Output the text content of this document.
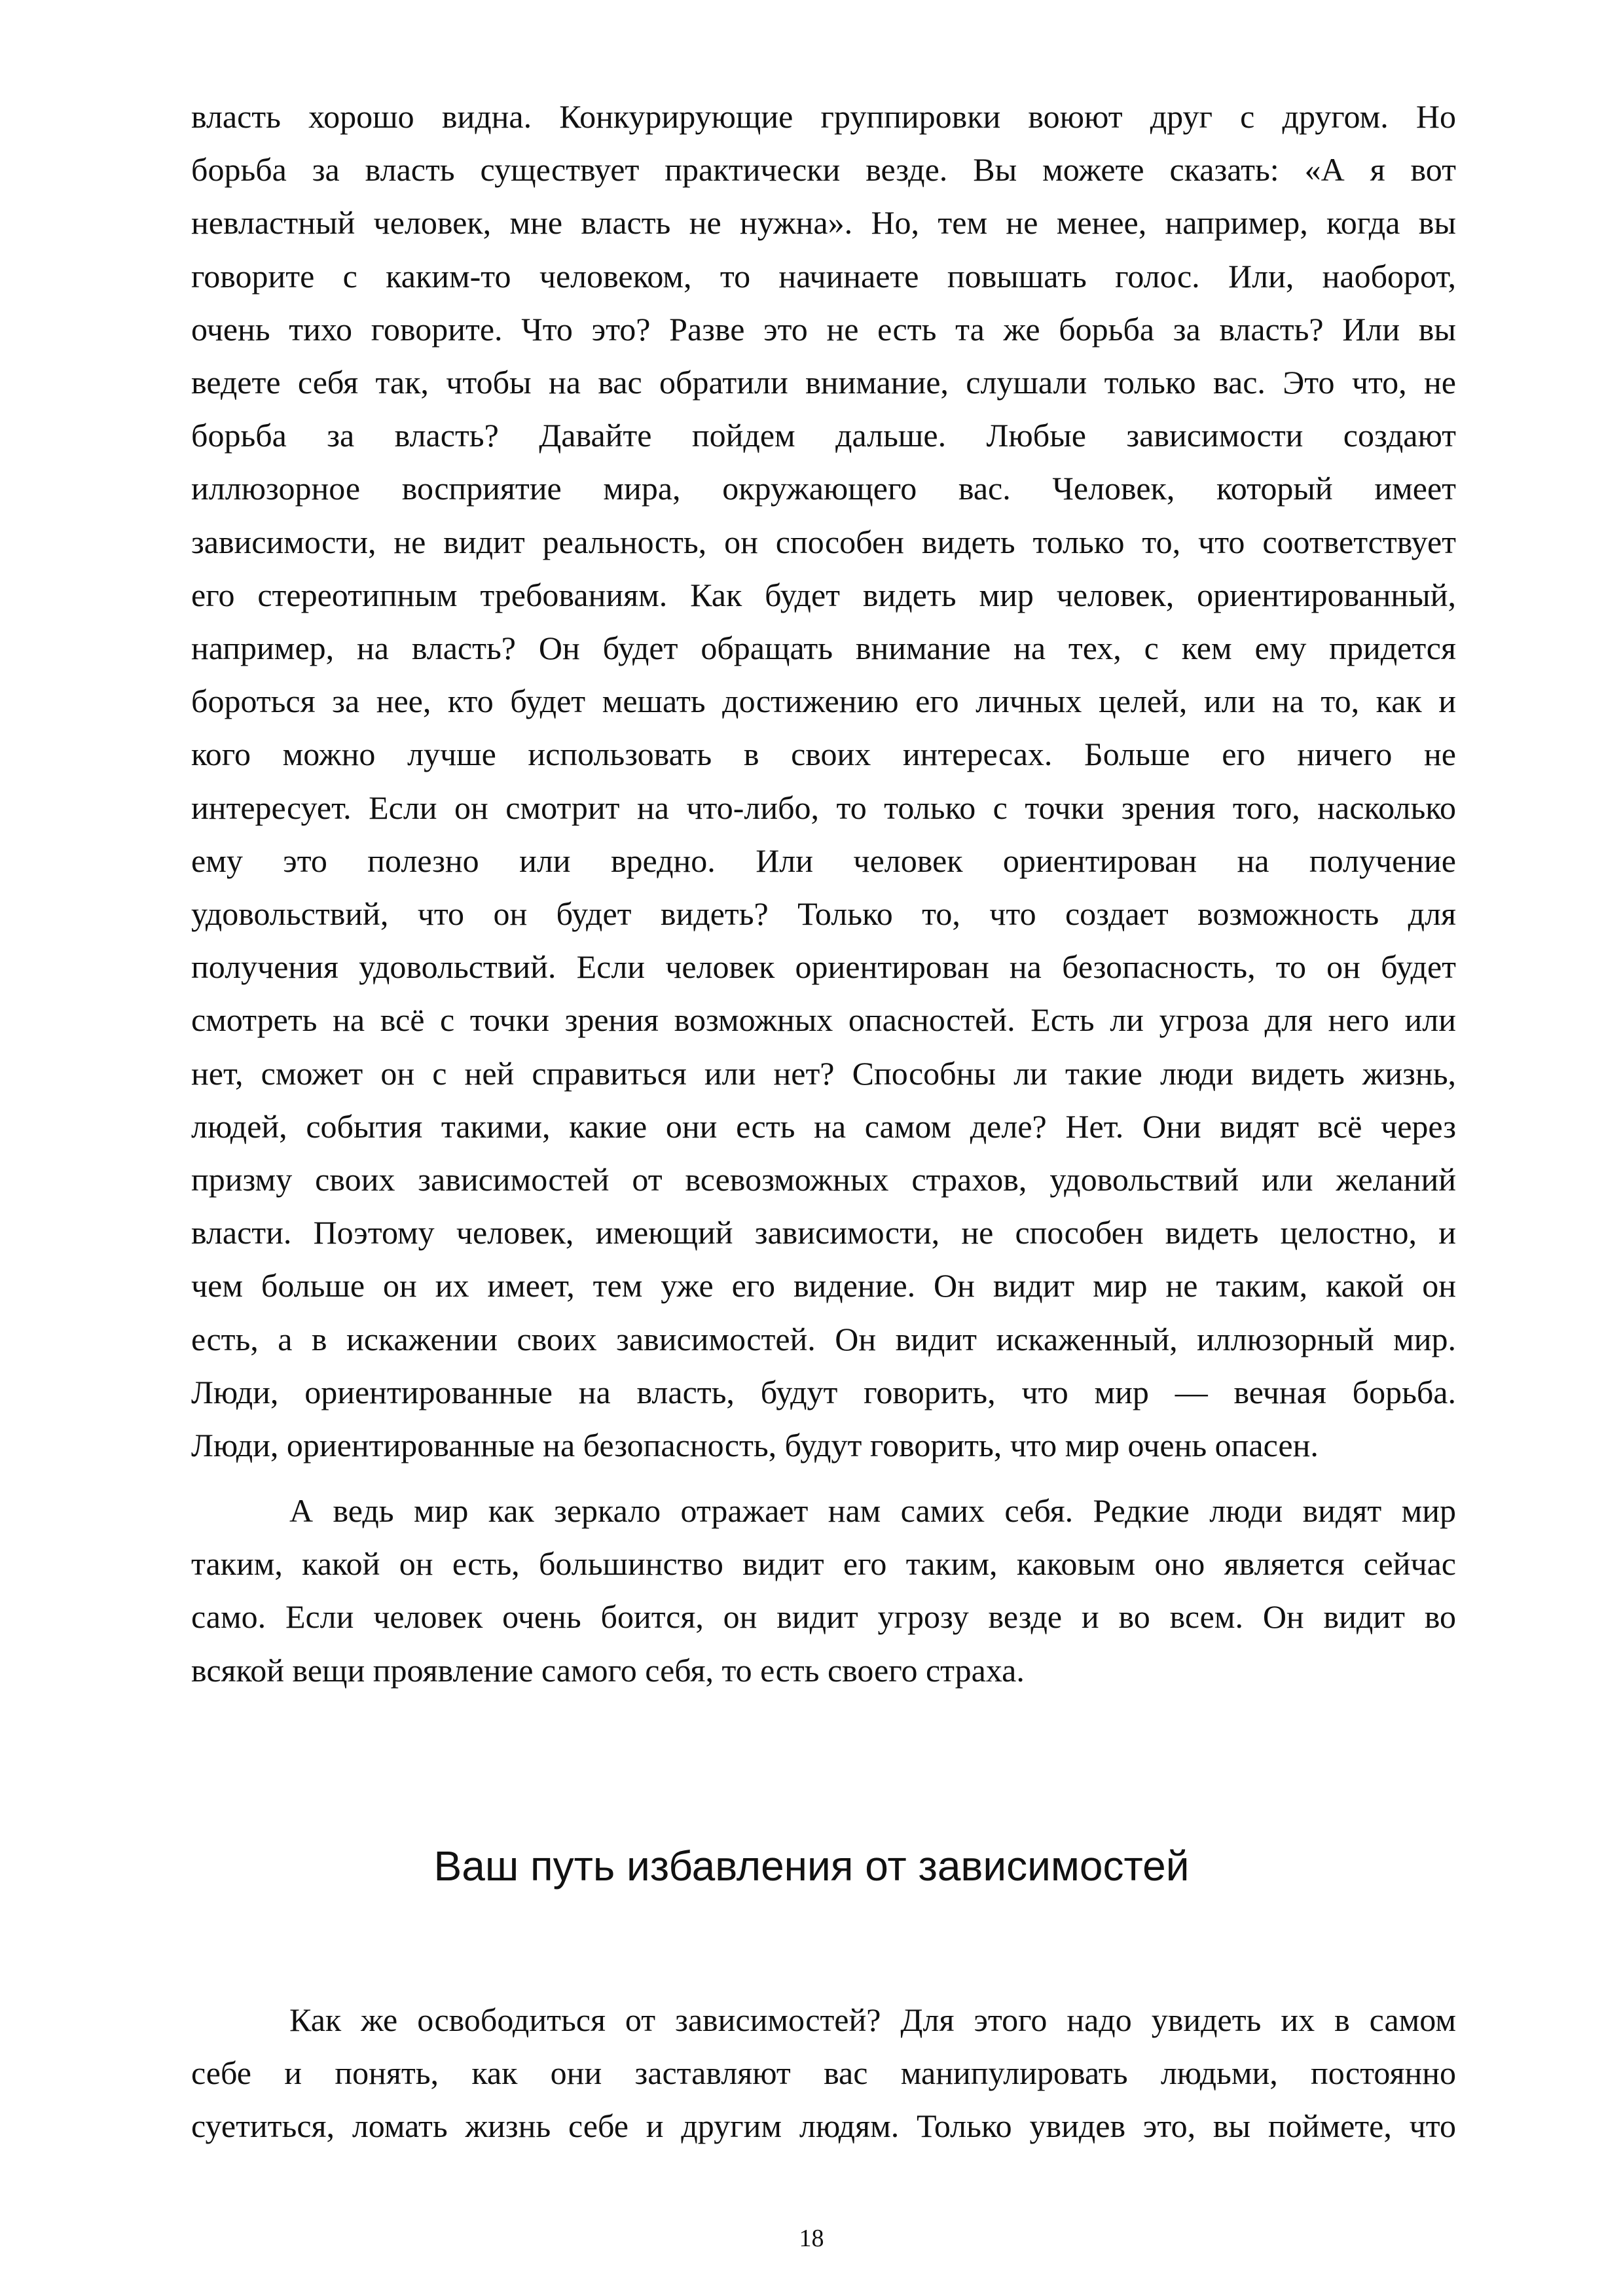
власть хорошо видна. Конкурирующие группировки воюют друг с другом. Но
борьба за власть существует практически везде. Вы можете сказать: «А я вот
невластный человек, мне власть не нужна». Но, тем не менее, например, когда вы
говорите с каким-то человеком, то начинаете повышать голос. Или, наоборот,
очень тихо говорите. Что это? Разве это не есть та же борьба за власть? Или вы
ведете себя так, чтобы на вас обратили внимание, слушали только вас. Это что, не
борьба за власть? Давайте пойдем дальше. Любые зависимости создают
иллюзорное восприятие мира, окружающего вас. Человек, который имеет
зависимости, не видит реальность, он способен видеть только то, что соответствует
его стереотипным требованиям. Как будет видеть мир человек, ориентированный,
например, на власть? Он будет обращать внимание на тех, с кем ему придется
бороться за нее, кто будет мешать достижению его личных целей, или на то, как и
кого можно лучше использовать в своих интересах. Больше его ничего не
интересует. Если он смотрит на что-либо, то только с точки зрения того, насколько
ему это полезно или вредно. Или человек ориентирован на получение
удовольствий, что он будет видеть? Только то, что создает возможность для
получения удовольствий. Если человек ориентирован на безопасность, то он будет
смотреть на всё с точки зрения возможных опасностей. Есть ли угроза для него или
нет, сможет он с ней справиться или нет? Способны ли такие люди видеть жизнь,
людей, события такими, какие они есть на самом деле? Нет. Они видят всё через
призму своих зависимостей от всевозможных страхов, удовольствий или желаний
власти. Поэтому человек, имеющий зависимости, не способен видеть целостно, и
чем больше он их имеет, тем уже его видение. Он видит мир не таким, какой он
есть, а в искажении своих зависимостей. Он видит искаженный, иллюзорный мир.
Люди, ориентированные на власть, будут говорить, что мир — вечная борьба.
Люди, ориентированные на безопасность, будут говорить, что мир очень опасен.
А ведь мир как зеркало отражает нам самих себя. Редкие люди видят мир
таким, какой он есть, большинство видит его таким, каковым оно является сейчас
само. Если человек очень боится, он видит угрозу везде и во всем. Он видит во
всякой вещи проявление самого себя, то есть своего страха.
Ваш путь избавления от зависимостей
Как же освободиться от зависимостей? Для этого надо увидеть их в самом
себе и понять, как они заставляют вас манипулировать людьми, постоянно
суетиться, ломать жизнь себе и другим людям. Только увидев это, вы поймете, что
18
